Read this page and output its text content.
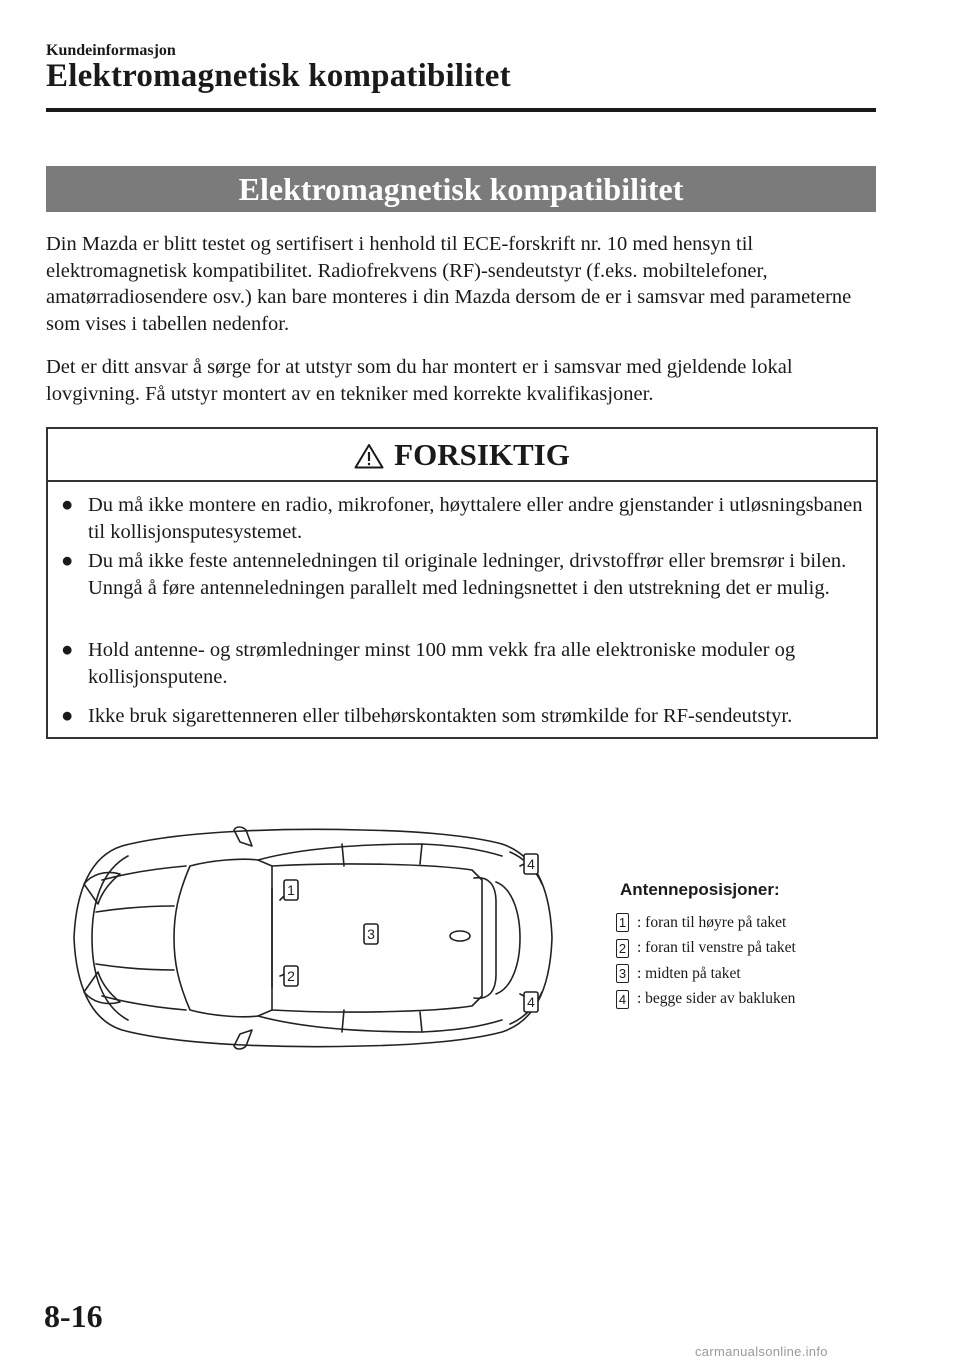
Kundeinformasjon
Elektromagnetisk kompatibilitet
Elektromagnetisk kompatibilitet

Din Mazda er blitt testet og sertifisert i henhold til ECE-forskrift nr. 10 med hensyn til elektromagnetisk kompatibilitet. Radiofrekvens (RF)-sendeutstyr (f.eks. mobiltelefoner, amatørradiosendere osv.) kan bare monteres i din Mazda dersom de er i samsvar med parameterne som vises i tabellen nedenfor.

Det er ditt ansvar å sørge for at utstyr som du har montert er i samsvar med gjeldende lokal lovgivning. Få utstyr montert av en tekniker med korrekte kvalifikasjoner.

FORSIKTIG
● Du må ikke montere en radio, mikrofoner, høyttalere eller andre gjenstander i utløsningsbanen til kollisjonsputesystemet.
● Du må ikke feste antenneledningen til originale ledninger, drivstoffrør eller bremsrør i bilen. Unngå å føre antenneledningen parallelt med ledningsnettet i den utstrekning det er mulig.
● Hold antenne- og strømledninger minst 100 mm vekk fra alle elektroniske moduler og kollisjonsputene.
● Ikke bruk sigarettenneren eller tilbehørskontakten som strømkilde for RF-sendeutstyr.
1
2
3
4
4
Antenneposisjoner:
1 : foran til høyre på taket
2 : foran til venstre på taket
3 : midten på taket
4 : begge sider av bakluken
8-16
carmanualsonline.info
